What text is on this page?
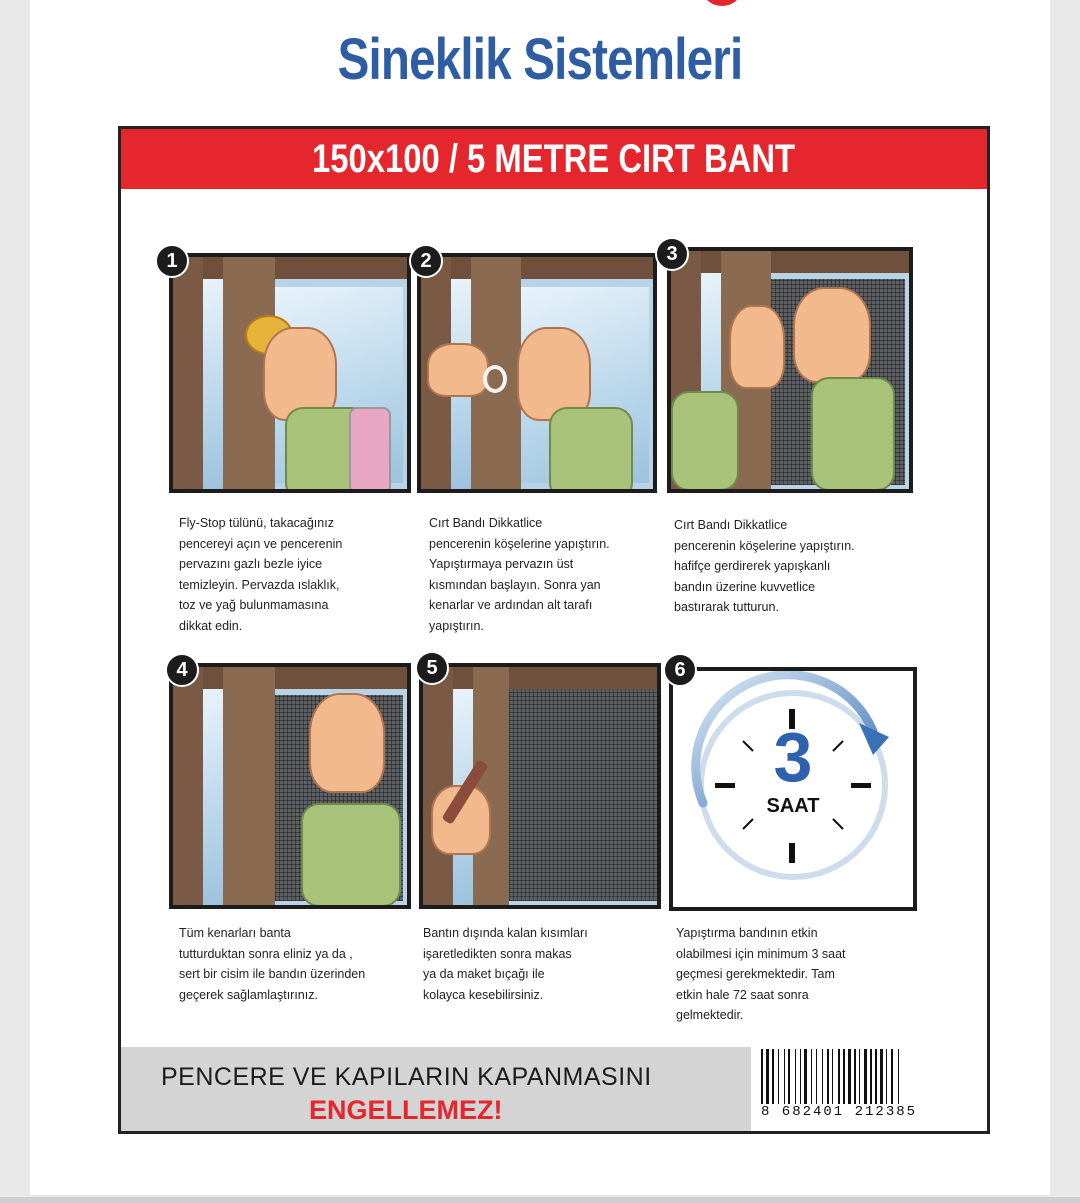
Sineklik Sistemleri
150x100 / 5 METRE CIRT BANT
1

Fly-Stop tülünü, takacağınız

pencereyi açın ve pencerenin

pervazını gazlı bezle iyice

temizleyin. Pervazda ıslaklık,

toz ve yağ bulunmamasına

dikkat edin.

2

Cırt Bandı Dikkatlice

pencerenin köşelerine yapıştırın.

Yapıştırmaya pervazın üst

kısmından başlayın. Sonra yan

kenarlar ve ardından alt tarafı

yapıştırın.

3

Cırt Bandı Dikkatlice

pencerenin köşelerine yapıştırın.

hafifçe gerdirerek yapışkanlı

bandın üzerine kuvvetlice

bastırarak tutturun.

4

Tüm kenarları banta

tutturduktan sonra eliniz ya da ,

sert bir cisim ile bandın üzerinden

geçerek sağlamlaştırınız.

5

Bantın dışında kalan kısımları

işaretledikten sonra makas

ya da maket bıçağı ile

kolayca kesebilirsiniz.

6
3
SAAT

Yapıştırma bandının etkin

olabilmesi için minimum 3 saat

geçmesi gerekmektedir. Tam

etkin hale 72 saat sonra

gelmektedir.

PENCERE VE KAPILARIN KAPANMASINI
ENGELLEMEZ!	8 682401 212385
